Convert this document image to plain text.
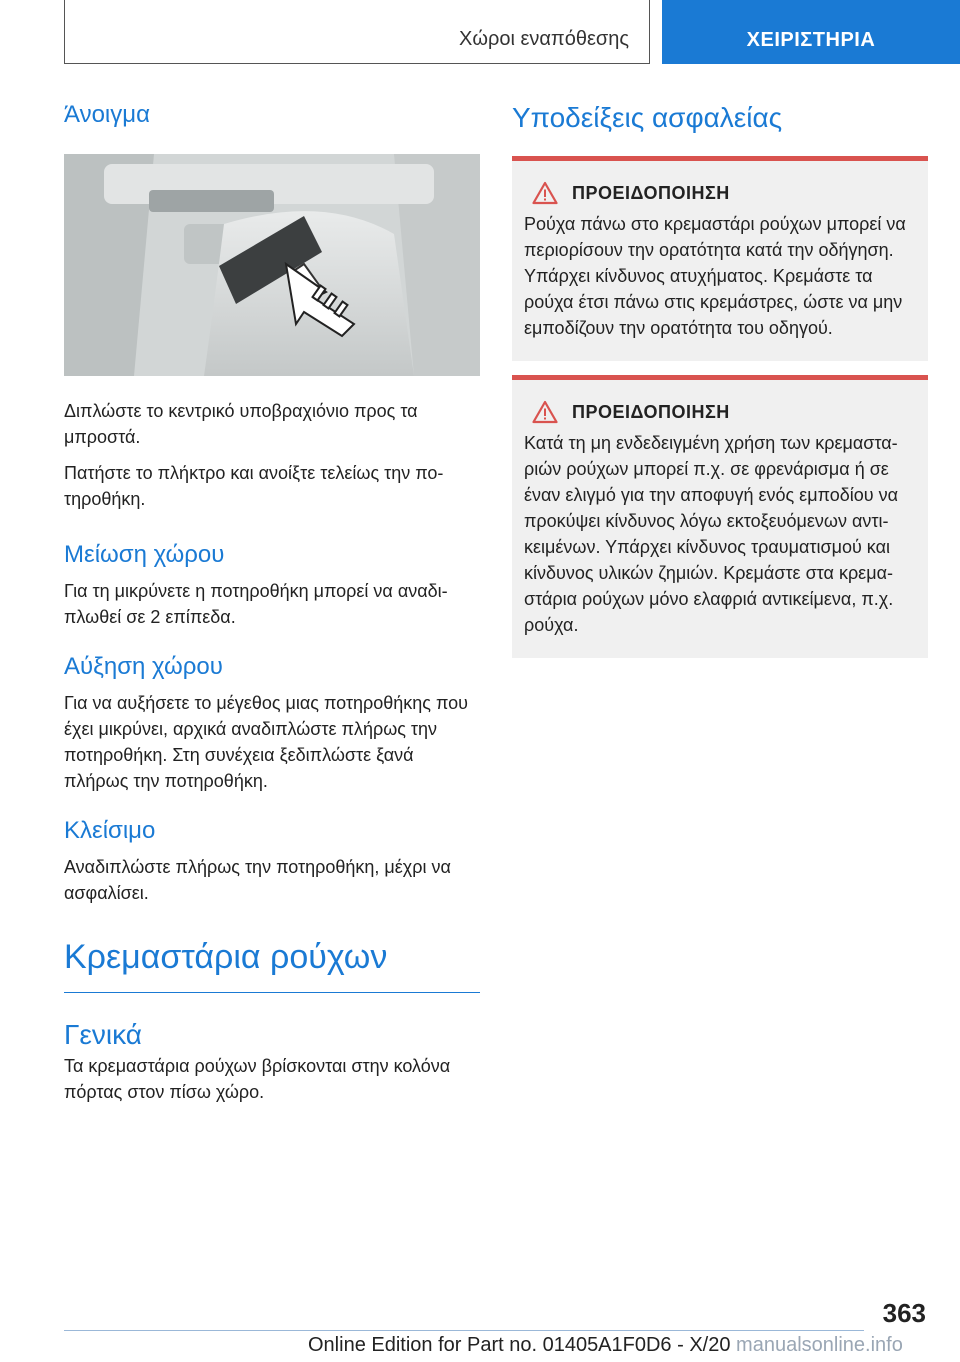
Χώροι εναπόθεσης	ΧΕΙΡΙΣΤΗΡΙΑ
Άνοιγμα

Διπλώστε το κεντρικό υποβραχιόνιο προς τα μπροστά.

Πατήστε το πλήκτρο και ανοίξτε τελείως την ποτηροθήκη.

Μείωση χώρου

Για τη μικρύνετε η ποτηροθήκη μπορεί να αναδιπλωθεί σε 2 επίπεδα.

Αύξηση χώρου

Για να αυξήσετε το μέγεθος μιας ποτηροθήκης που έχει μικρύνει, αρχικά αναδιπλώστε πλήρως την ποτηροθήκη. Στη συνέχεια ξεδιπλώστε ξανά πλήρως την ποτηροθήκη.

Κλείσιμο

Αναδιπλώστε πλήρως την ποτηροθήκη, μέχρι να ασφαλίσει.

Κρεμαστάρια ρούχων
Γενικά

Τα κρεμαστάρια ρούχων βρίσκονται στην κολόνα πόρτας στον πίσω χώρο.

Υποδείξεις ασφαλείας
ΠΡΟΕΙΔΟΠΟΙΗΣΗ

Ρούχα πάνω στο κρεμαστάρι ρούχων μπορεί να περιορίσουν την ορατότητα κατά την οδήγηση. Υπάρχει κίνδυνος ατυχήματος. Κρεμάστε τα ρούχα έτσι πάνω στις κρεμάστρες, ώστε να μην εμποδίζουν την ορατότητα του οδηγού.

ΠΡΟΕΙΔΟΠΟΙΗΣΗ

Κατά τη μη ενδεδειγμένη χρήση των κρεμασταριών ρούχων μπορεί π.χ. σε φρενάρισμα ή σε έναν ελιγμό για την αποφυγή ενός εμποδίου να προκύψει κίνδυνος λόγω εκτοξευόμενων αντικειμένων. Υπάρχει κίνδυνος τραυματισμού και κίνδυνος υλικών ζημιών. Κρεμάστε στα κρεμαστάρια ρούχων μόνο ελαφριά αντικείμενα, π.χ. ρούχα.

363
Online Edition for Part no. 01405A1F0D6 - X/20 manualsonline.info
